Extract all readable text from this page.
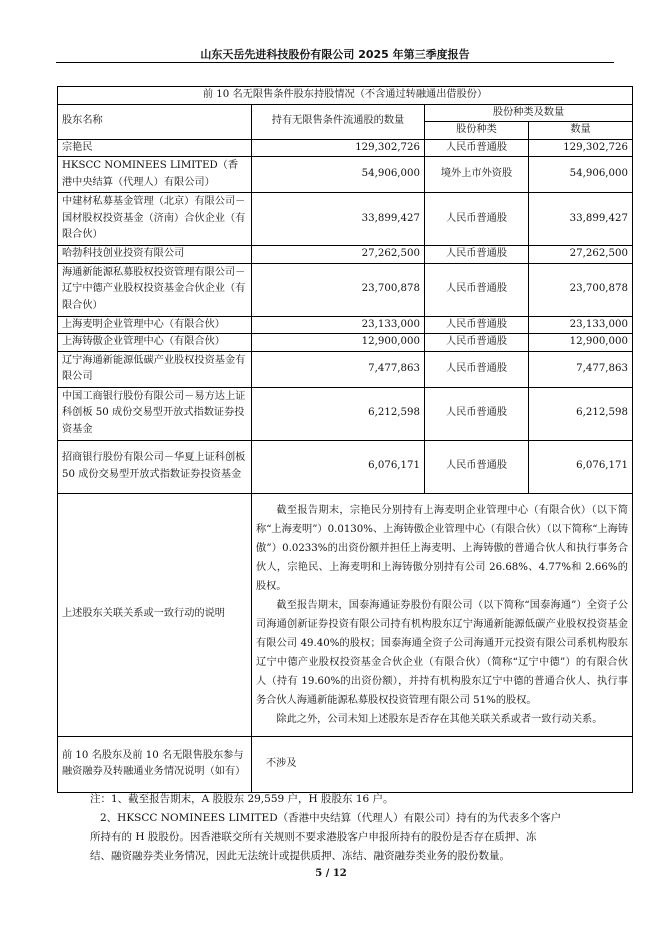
山东天岳先进科技股份有限公司 2025 年第三季度报告
前 10 名无限售条件股东持股情况（不含通过转融通出借股份）			
股东名称	持有无限售条件流通股的数量	股份种类及数量	
		股份种类	数量
宗艳民	129,302,726	人民币普通股	129,302,726
HKSCC NOMINEES LIMITED（香港中央结算（代理人）有限公司）	54,906,000	境外上市外资股	54,906,000
中建材私募基金管理（北京）有限公司－国材股权投资基金（济南）合伙企业（有限合伙）	33,899,427	人民币普通股	33,899,427
哈勃科技创业投资有限公司	27,262,500	人民币普通股	27,262,500
海通新能源私募股权投资管理有限公司－辽宁中德产业股权投资基金合伙企业（有限合伙）	23,700,878	人民币普通股	23,700,878
上海麦明企业管理中心（有限合伙）	23,133,000	人民币普通股	23,133,000
上海铸傲企业管理中心（有限合伙）	12,900,000	人民币普通股	12,900,000
辽宁海通新能源低碳产业股权投资基金有限公司	7,477,863	人民币普通股	7,477,863
中国工商银行股份有限公司－易方达上证科创板 50 成份交易型开放式指数证券投资基金	6,212,598	人民币普通股	6,212,598
招商银行股份有限公司－华夏上证科创板 50 成份交易型开放式指数证券投资基金	6,076,171	人民币普通股	6,076,171
上述股东关联关系或一致行动的说明	截至报告期末，宗艳民分别持有上海麦明企业管理中心（有限合伙）（以下简称“上海麦明”）0.0130%、上海铸傲企业管理中心（有限合伙）（以下简称“上海铸傲”）0.0233%的出资份额并担任上海麦明、上海铸傲的普通合伙人和执行事务合伙人，宗艳民、上海麦明和上海铸傲分别持有公司 26.68%、4.77%和 2.66%的股权。

截至报告期末，国泰海通证券股份有限公司（以下简称“国泰海通”）全资子公司海通创新证券投资有限公司持有机构股东辽宁海通新能源低碳产业股权投资基金有限公司 49.40%的股权；国泰海通全资子公司海通开元投资有限公司系机构股东辽宁中德产业股权投资基金合伙企业（有限合伙）（简称“辽宁中德”）的有限合伙人（持有 19.60%的出资份额），并持有机构股东辽宁中德的普通合伙人、执行事务合伙人海通新能源私募股权投资管理有限公司 51%的股权。

除此之外，公司未知上述股东是否存在其他关联关系或者一致行动关系。		

前 10 名股东及前 10 名无限售股东参与融资融券及转融通业务情况说明（如有）	不涉及		
注：1、截至报告期末，A 股股东 29,559 户，H 股股东 16 户。
2、HKSCC NOMINEES LIMITED（香港中央结算（代理人）有限公司）持有的为代表多个客户
所持有的 H 股股份。因香港联交所有关规则不要求港股客户申报所持有的股份是否存在质押、冻
结、融资融券类业务情况，因此无法统计或提供质押、冻结、融资融券类业务的股份数量。
5 / 12
